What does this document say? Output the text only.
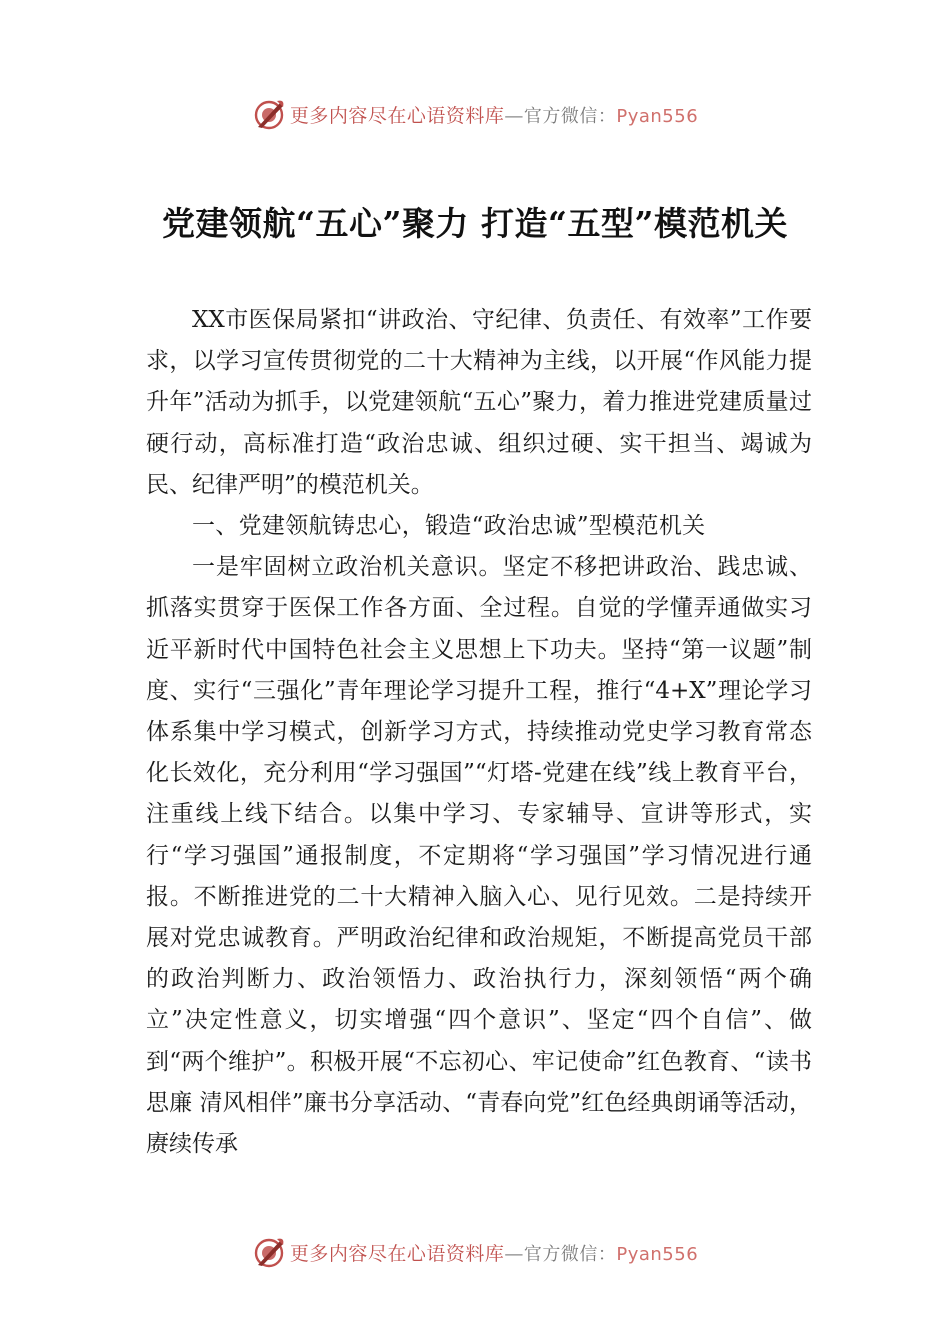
更多内容尽在心语资料库—官方微信：Pyan556
党建领航“五心”聚力 打造“五型”模范机关

XX市医保局紧扣“讲政治、守纪律、负责任、有效率”工作要求，以学习宣传贯彻党的二十大精神为主线，以开展“作风能力提升年”活动为抓手，以党建领航“五心”聚力，着力推进党建质量过硬行动，高标准打造“政治忠诚、组织过硬、实干担当、竭诚为民、纪律严明”的模范机关。

一、党建领航铸忠心，锻造“政治忠诚”型模范机关

一是牢固树立政治机关意识。坚定不移把讲政治、践忠诚、抓落实贯穿于医保工作各方面、全过程。自觉的学懂弄通做实习近平新时代中国特色社会主义思想上下功夫。坚持“第一议题”制度、实行“三强化”青年理论学习提升工程，推行“4+X”理论学习体系集中学习模式，创新学习方式，持续推动党史学习教育常态化长效化，充分利用“学习强国”“灯塔-党建在线”线上教育平台，注重线上线下结合。以集中学习、专家辅导、宣讲等形式，实行“学习强国”通报制度，不定期将“学习强国”学习情况进行通报。不断推进党的二十大精神入脑入心、见行见效。二是持续开展对党忠诚教育。严明政治纪律和政治规矩，不断提高党员干部的政治判断力、政治领悟力、政治执行力，深刻领悟“两个确立”决定性意义，切实增强“四个意识”、坚定“四个自信”、做到“两个维护”。积极开展“不忘初心、牢记使命”红色教育、“读书思廉 清风相伴”廉书分享活动、“青春向党”红色经典朗诵等活动，赓续传承

更多内容尽在心语资料库—官方微信：Pyan556
